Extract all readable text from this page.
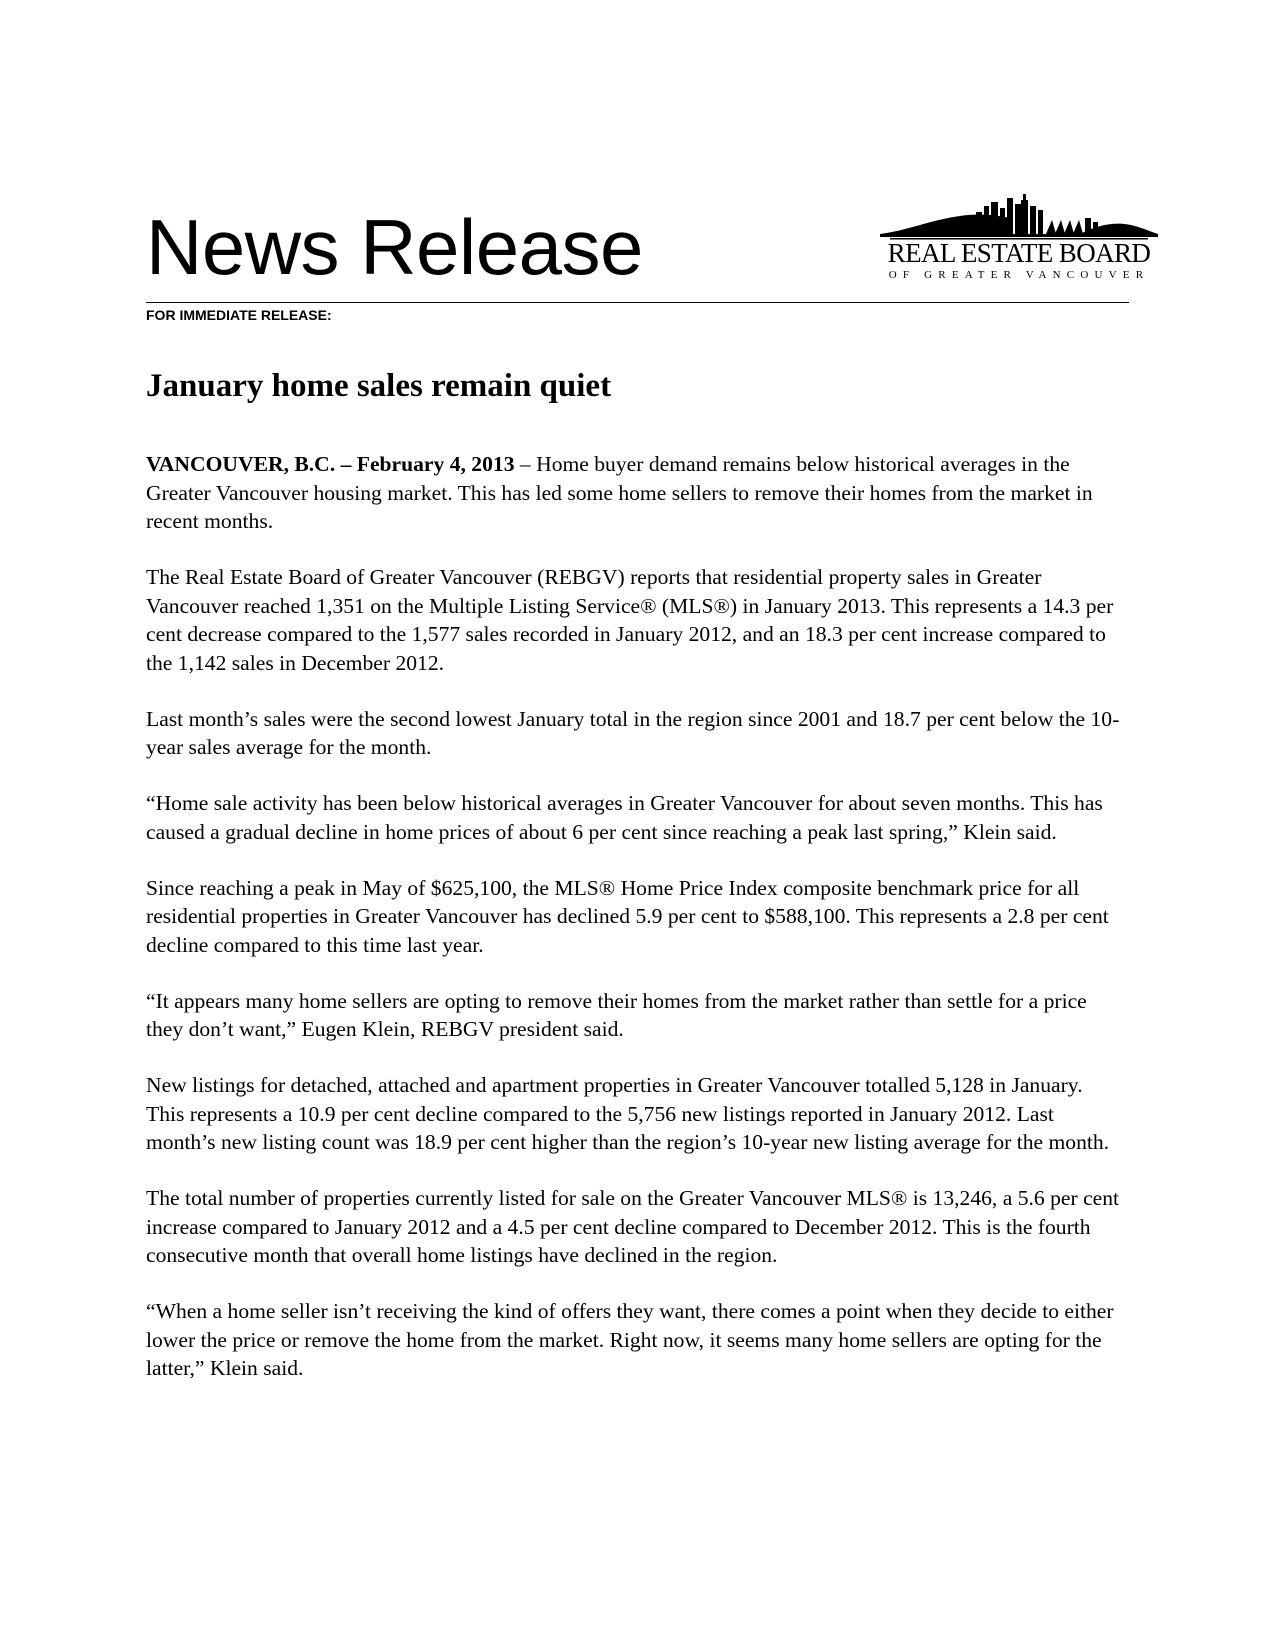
News Release	REAL ESTATE BOARD
OF GREATER VANCOUVER
FOR IMMEDIATE RELEASE:
January home sales remain quiet

VANCOUVER, B.C. – February 4, 2013 – Home buyer demand remains below historical averages in the Greater Vancouver housing market. This has led some home sellers to remove their homes from the market in recent months.

The Real Estate Board of Greater Vancouver (REBGV) reports that residential property sales in Greater Vancouver reached 1,351 on the Multiple Listing Service® (MLS®) in January 2013. This represents a 14.3 per cent decrease compared to the 1,577 sales recorded in January 2012, and an 18.3 per cent increase compared to the 1,142 sales in December 2012.

Last month’s sales were the second lowest January total in the region since 2001 and 18.7 per cent below the 10-year sales average for the month.

“Home sale activity has been below historical averages in Greater Vancouver for about seven months. This has caused a gradual decline in home prices of about 6 per cent since reaching a peak last spring,” Klein said.

Since reaching a peak in May of $625,100, the MLS® Home Price Index composite benchmark price for all residential properties in Greater Vancouver has declined 5.9 per cent to $588,100. This represents a 2.8 per cent decline compared to this time last year.

“It appears many home sellers are opting to remove their homes from the market rather than settle for a price they don’t want,” Eugen Klein, REBGV president said.

New listings for detached, attached and apartment properties in Greater Vancouver totalled 5,128 in January. This represents a 10.9 per cent decline compared to the 5,756 new listings reported in January 2012. Last month’s new listing count was 18.9 per cent higher than the region’s 10-year new listing average for the month.

The total number of properties currently listed for sale on the Greater Vancouver MLS® is 13,246, a 5.6 per cent increase compared to January 2012 and a 4.5 per cent decline compared to December 2012. This is the fourth consecutive month that overall home listings have declined in the region.

“When a home seller isn’t receiving the kind of offers they want, there comes a point when they decide to either lower the price or remove the home from the market. Right now, it seems many home sellers are opting for the latter,” Klein said.
